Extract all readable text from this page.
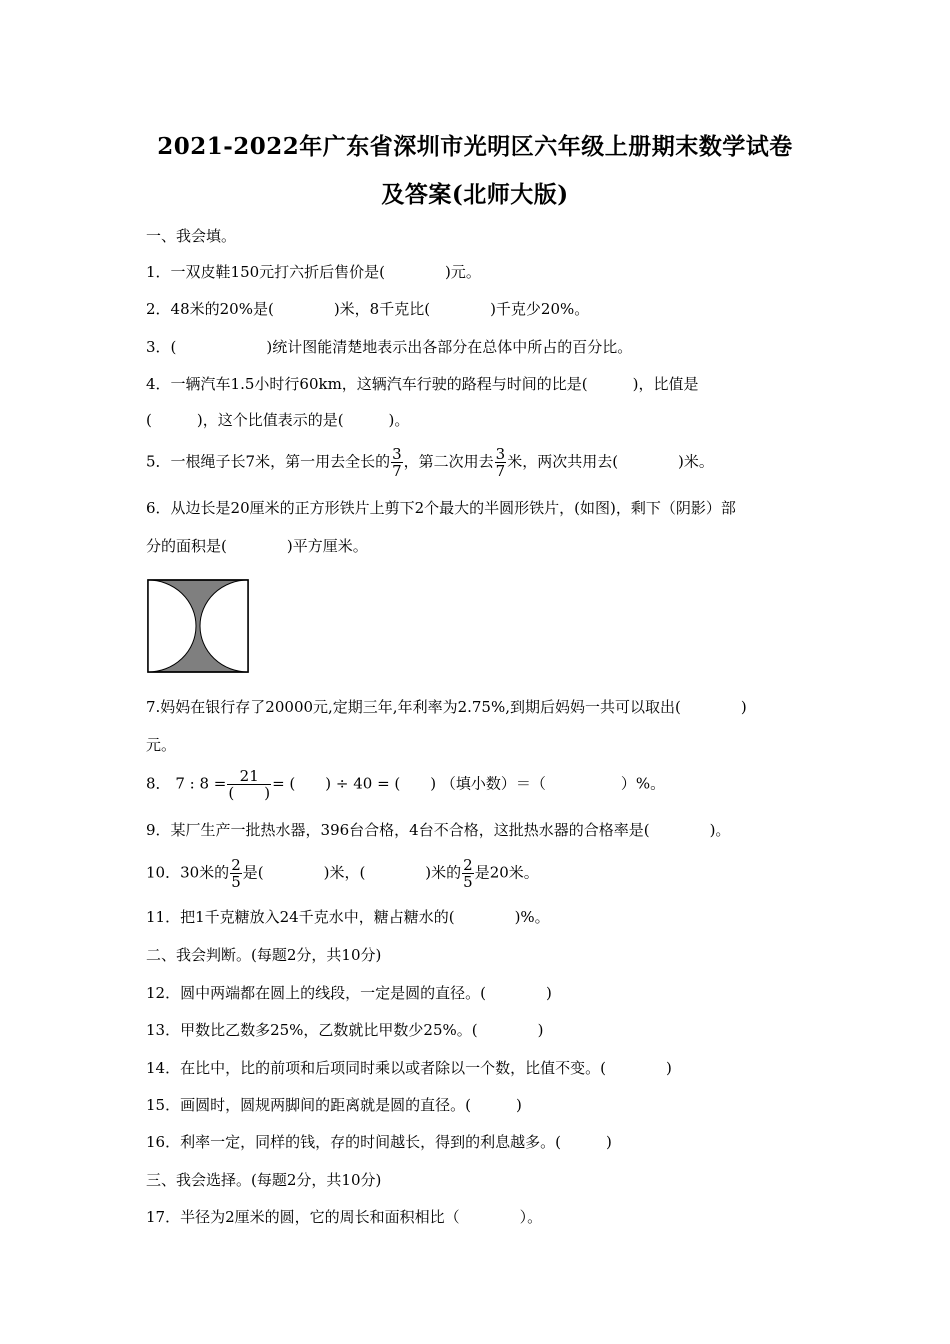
2021-2022年广东省深圳市光明区六年级上册期末数学试卷
及答案(北师大版)
一、我会填。
1．一双皮鞋150元打六折后售价是(　　　　)元。
2．48米的20%是(　　　　)米，8千克比(　　　　)千克少20%。
3．(　　　　　　)统计图能清楚地表示出各部分在总体中所占的百分比。
4．一辆汽车1.5小时行60km，这辆汽车行驶的路程与时间的比是(　　　)，比值是
(　　　)，这个比值表示的是(　　　)。
5．一根绳子长7米，第一用去全长的 $\frac{3}{7}$ ，第二次用去 $\frac{3}{7}$ 米，两次共用去(　　　　)米。
6．从边长是20厘米的正方形铁片上剪下2个最大的半圆形铁片，(如图)，剩下（阴影）部
分的面积是(　　　　)平方厘米。
7.妈妈在银行存了20000元,定期三年,年利率为2.75%,到期后妈妈一共可以取出(　　　　)
元。
8． 7 : $8 = \frac{21}{( )}$ = (　　) ÷ 40 = (　　) （填小数）＝（　　　　　）%。
9．某厂生产一批热水器，396台合格，4台不合格，这批热水器的合格率是(　　　　)。
10．30米的 $\frac{2}{5}$ 是(　　　　)米，(　　　　)米的 $\frac{2}{5}$ 是20米。
11．把1千克糖放入24千克水中，糖占糖水的(　　　　)%。
二、我会判断。(每题2分，共10分)
12．圆中两端都在圆上的线段，一定是圆的直径。(　　　　)
13．甲数比乙数多25%，乙数就比甲数少25%。(　　　　)
14．在比中，比的前项和后项同时乘以或者除以一个数，比值不变。(　　　　)
15．画圆时，圆规两脚间的距离就是圆的直径。(　　　)
16．利率一定，同样的钱，存的时间越长，得到的利息越多。(　　　)
三、我会选择。(每题2分，共10分)
17．半径为2厘米的圆，它的周长和面积相比（　　　　）。
